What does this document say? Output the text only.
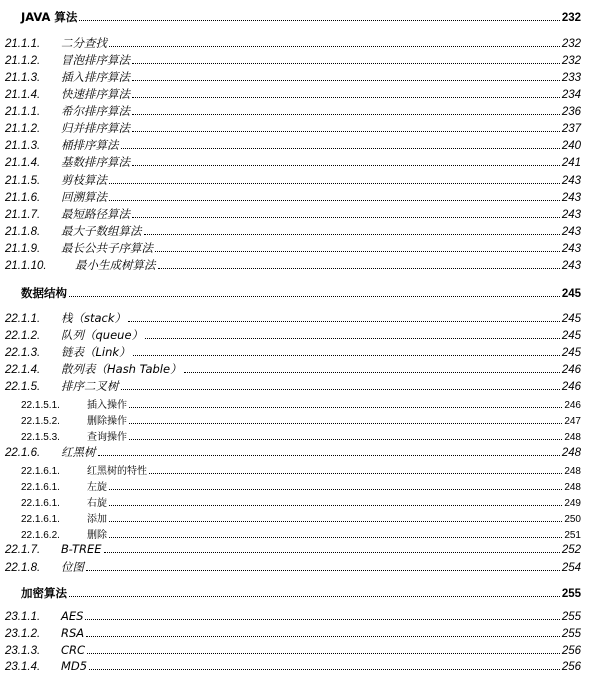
JAVA 算法	232
21.1.1.	二分查找	232
21.1.2.	冒泡排序算法	232
21.1.3.	插入排序算法	233
21.1.4.	快速排序算法	234
21.1.1.	希尔排序算法	236
21.1.2.	归并排序算法	237
21.1.3.	桶排序算法	240
21.1.4.	基数排序算法	241
21.1.5.	剪枝算法	243
21.1.6.	回溯算法	243
21.1.7.	最短路径算法	243
21.1.8.	最大子数组算法	243
21.1.9.	最长公共子序算法	243
21.1.10.	最小生成树算法	243
数据结构	245
22.1.1.	栈（stack）	245
22.1.2.	队列（queue）	245
22.1.3.	链表（Link）	245
22.1.4.	散列表（Hash Table）	246
22.1.5.	排序二叉树	246
22.1.5.1.	插入操作	246
22.1.5.2.	删除操作	247
22.1.5.3.	查询操作	248
22.1.6.	红黑树	248
22.1.6.1.	红黑树的特性	248
22.1.6.1.	左旋	248
22.1.6.1.	右旋	249
22.1.6.1.	添加	250
22.1.6.2.	删除	251
22.1.7.	B-TREE	252
22.1.8.	位图	254
加密算法	255
23.1.1.	AES	255
23.1.2.	RSA	255
23.1.3.	CRC	256
23.1.4.	MD5	256
